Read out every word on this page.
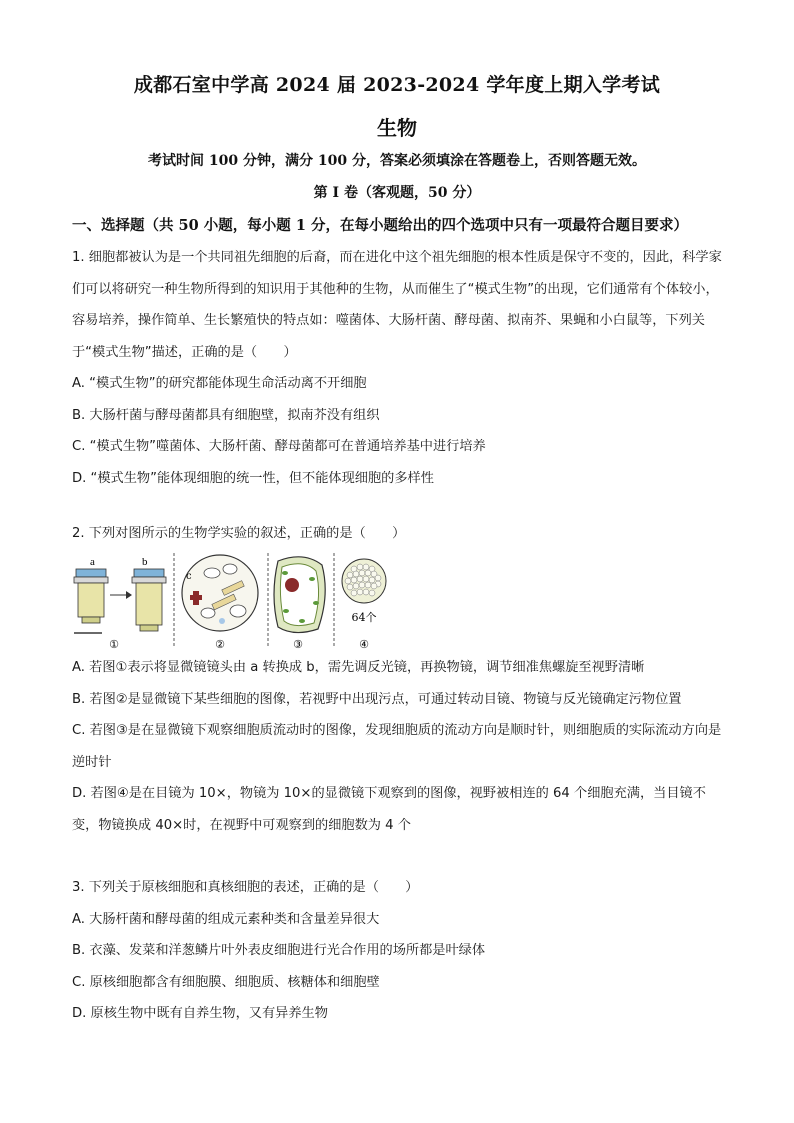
成都石室中学高 2024 届 2023-2024 学年度上期入学考试
生物
考试时间 100 分钟，满分 100 分，答案必须填涂在答题卷上，否则答题无效。
第 I 卷（客观题，50 分）
一、选择题（共 50 小题，每小题 1 分，在每小题给出的四个选项中只有一项最符合题目要求）

1. 细胞都被认为是一个共同祖先细胞的后裔，而在进化中这个祖先细胞的根本性质是保守不变的，因此，科学家们可以将研究一种生物所得到的知识用于其他种的生物，从而催生了“模式生物”的出现，它们通常有个体较小，容易培养，操作简单、生长繁殖快的特点如：噬菌体、大肠杆菌、酵母菌、拟南芥、果蝇和小白鼠等，下列关于“模式生物”描述，正确的是（　　）

A. “模式生物”的研究都能体现生命活动离不开细胞

B. 大肠杆菌与酵母菌都具有细胞壁，拟南芥没有组织

C. “模式生物”噬菌体、大肠杆菌、酵母菌都可在普通培养基中进行培养

D. “模式生物”能体现细胞的统一性，但不能体现细胞的多样性

2. 下列对图所示的生物学实验的叙述，正确的是（　　）

a	b
①
c
②	③
64个
④

A. 若图①表示将显微镜镜头由 a 转换成 b，需先调反光镜，再换物镜，调节细准焦螺旋至视野清晰

B. 若图②是显微镜下某些细胞的图像，若视野中出现污点，可通过转动目镜、物镜与反光镜确定污物位置

C. 若图③是在显微镜下观察细胞质流动时的图像，发现细胞质的流动方向是顺时针，则细胞质的实际流动方向是逆时针

D. 若图④是在目镜为 10×，物镜为 10×的显微镜下观察到的图像，视野被相连的 64 个细胞充满，当目镜不变，物镜换成 40×时，在视野中可观察到的细胞数为 4 个

3. 下列关于原核细胞和真核细胞的表述，正确的是（　　）

A. 大肠杆菌和酵母菌的组成元素种类和含量差异很大

B. 衣藻、发菜和洋葱鳞片叶外表皮细胞进行光合作用的场所都是叶绿体

C. 原核细胞都含有细胞膜、细胞质、核糖体和细胞壁

D. 原核生物中既有自养生物，又有异养生物
